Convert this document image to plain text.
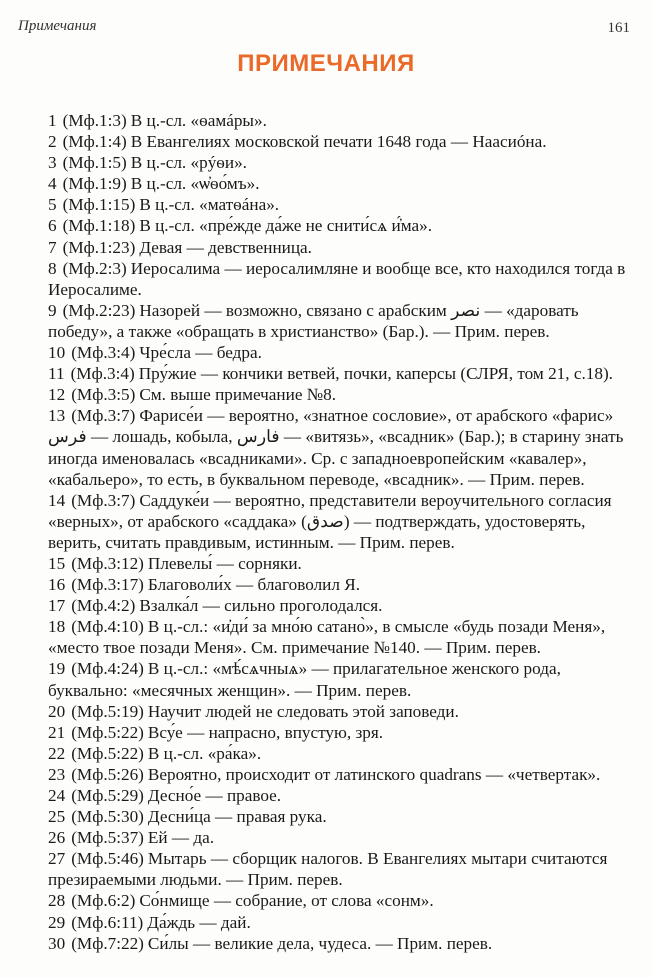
Примечания	161
ПРИМЕЧАНИЯ

1 (Мф.1:3) В ц.-сл. «ѳамáры».

2 (Мф.1:4) В Евангелиях московской печати 1648 года — Наасиóна.

3 (Мф.1:5) В ц.-сл. «рýѳи».

4 (Мф.1:9) В ц.-сл. «ѡ҆ѳо́мъ».

5 (Мф.1:15) В ц.-сл. «матѳáна».

6 (Мф.1:18) В ц.-сл. «пре́жде да́же не снити́сѧ и҆́ма».

7 (Мф.1:23) Девая — девственница.

8 (Мф.2:3) Иеросалима — иеросалимляне и вообще все, кто находился тогда в Иеросалиме.

9 (Мф.2:23) Назорей — возможно, связано с арабским نصر — «даровать победу», а также «обращать в христианство» (Бар.). — Прим. перев.

10 (Мф.3:4) Чре́сла — бедра.

11 (Мф.3:4) Пру́жие — кончики ветвей, почки, каперсы (СЛРЯ, том 21, с.18).

12 (Мф.3:5) См. выше примечание №8.

13 (Мф.3:7) Фарисе́и — вероятно, «знатное сословие», от арабского «фарис» فرس — лошадь, кобыла, فارس — «витязь», «всадник» (Бар.); в старину знать иногда именовалась «всадниками». Ср. с западноевропейским «кавалер», «кабальеро», то есть, в буквальном переводе, «всадник». — Прим. перев.

14 (Мф.3:7) Саддуке́и — вероятно, представители вероучительного согласия «верных», от арабского «саддака» (صدق) — подтверждать, удостоверять, верить, считать правдивым, истинным. — Прим. перев.

15 (Мф.3:12) Плевелы́ — сорняки.

16 (Мф.3:17) Благоволи́х — благоволил Я.

17 (Мф.4:2) Взалка́л — сильно проголодался.

18 (Мф.4:10) В ц.-сл.: «и҆ди́ за мно́ю сатано̀», в смысле «будь позади Меня», «место твое позади Меня». См. примечание №140. — Прим. перев.

19 (Мф.4:24) В ц.-сл.: «мѣ́сѧчныѧ» — прилагательное женского рода, буквально: «месячных женщин». — Прим. перев.

20 (Мф.5:19) Научит людей не следовать этой заповеди.

21 (Мф.5:22) Всу́е — напрасно, впустую, зря.

22 (Мф.5:22) В ц.-сл. «ра́ка».

23 (Мф.5:26) Вероятно, происходит от латинского quadrans — «четвертак».

24 (Мф.5:29) Десно́е — правое.

25 (Мф.5:30) Десни́ца — правая рука.

26 (Мф.5:37) Ей — да.

27 (Мф.5:46) Мытарь — сборщик налогов. В Евангелиях мытари считаются презираемыми людьми. — Прим. перев.

28 (Мф.6:2) Со́нмище — собрание, от слова «сонм».

29 (Мф.6:11) Да́ждь — дай.

30 (Мф.7:22) Си́лы — великие дела, чудеса. — Прим. перев.
